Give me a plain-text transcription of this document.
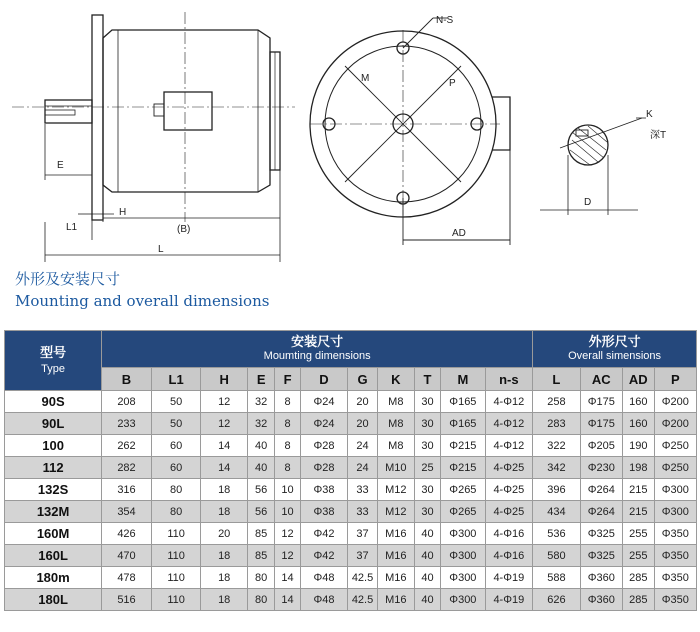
E
H
L1	(B)
L
N-S
M	P
AD
K
深T
D
外形及安装尺寸
Mounting and overall dimensions
型号
Type	安装尺寸
Moumting dimensions											外形尺寸
Overall simensions			

	B	L1	H	E	F	D	G	K	T	M	n-s	L	AC	AD	P
90S	208	50	12	32	8	Φ24	20	M8	30	Φ165	4-Φ12	258	Φ175	160	Φ200
90L	233	50	12	32	8	Φ24	20	M8	30	Φ165	4-Φ12	283	Φ175	160	Φ200
100	262	60	14	40	8	Φ28	24	M8	30	Φ215	4-Φ12	322	Φ205	190	Φ250
112	282	60	14	40	8	Φ28	24	M10	25	Φ215	4-Φ25	342	Φ230	198	Φ250
132S	316	80	18	56	10	Φ38	33	M12	30	Φ265	4-Φ25	396	Φ264	215	Φ300
132M	354	80	18	56	10	Φ38	33	M12	30	Φ265	4-Φ25	434	Φ264	215	Φ300
160M	426	110	20	85	12	Φ42	37	M16	40	Φ300	4-Φ16	536	Φ325	255	Φ350
160L	470	110	18	85	12	Φ42	37	M16	40	Φ300	4-Φ16	580	Φ325	255	Φ350
180m	478	110	18	80	14	Φ48	42.5	M16	40	Φ300	4-Φ19	588	Φ360	285	Φ350
180L	516	110	18	80	14	Φ48	42.5	M16	40	Φ300	4-Φ19	626	Φ360	285	Φ350
